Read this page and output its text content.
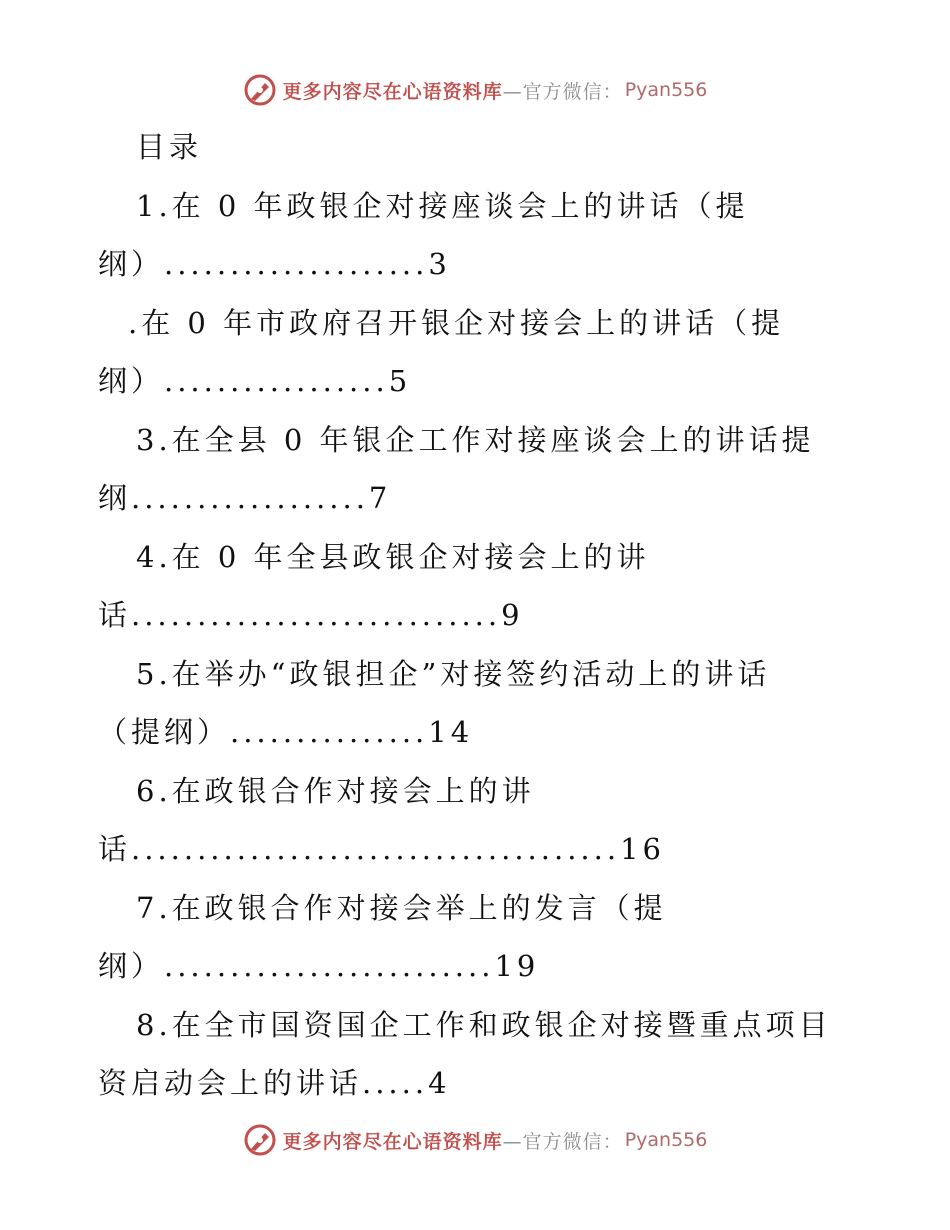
更多内容尽在心语资料库 —官方微信： Pyan556
目录
1.在 0 年政银企对接座谈会上的讲话（提
纲）....................3
.在 0 年市政府召开银企对接会上的讲话（提
纲）.................5
3.在全县 0 年银企工作对接座谈会上的讲话提
纲..................7
4.在 0 年全县政银企对接会上的讲
话............................9
5.在举办“政银担企”对接签约活动上的讲话
（提纲）...............14
6.在政银合作对接会上的讲
话.....................................16
7.在政银合作对接会举上的发言（提
纲）.........................19
8.在全市国资国企工作和政银企对接暨重点项目
资启动会上的讲话.....4
更多内容尽在心语资料库 —官方微信： Pyan556
